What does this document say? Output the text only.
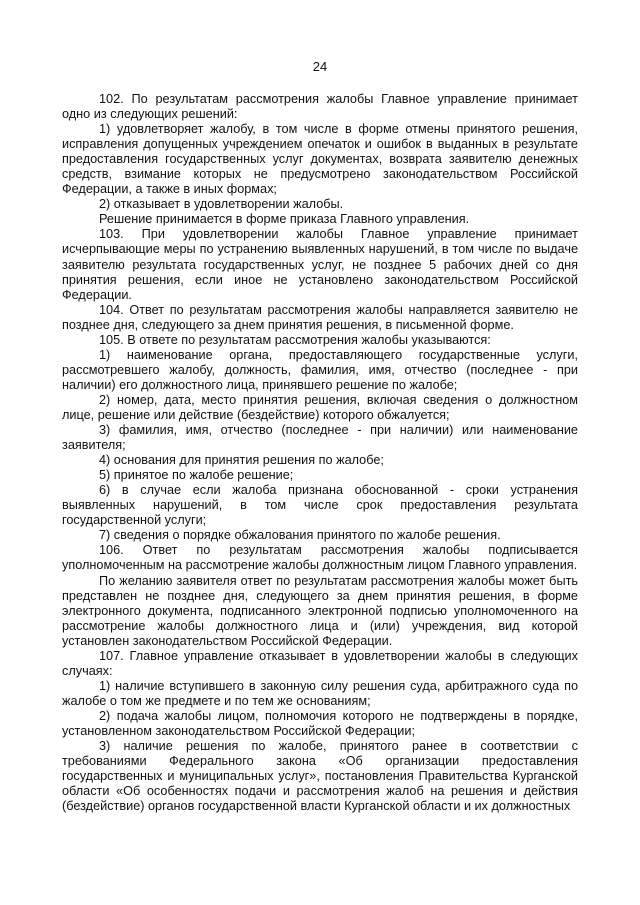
24

102. По результатам рассмотрения жалобы Главное управление принимает одно из следующих решений:

1) удовлетворяет жалобу, в том числе в форме отмены принятого решения, исправления допущенных учреждением опечаток и ошибок в выданных в результате предоставления государственных услуг документах, возврата заявителю денежных средств, взимание которых не предусмотрено законодательством Российской Федерации, а также в иных формах;

2) отказывает в удовлетворении жалобы.

Решение принимается в форме приказа Главного управления.

103. При удовлетворении жалобы Главное управление принимает исчерпывающие меры по устранению выявленных нарушений, в том числе по выдаче заявителю результата государственных услуг, не позднее 5 рабочих дней со дня принятия решения, если иное не установлено законодательством Российской Федерации.

104. Ответ по результатам рассмотрения жалобы направляется заявителю не позднее дня, следующего за днем принятия решения, в письменной форме.

105. В ответе по результатам рассмотрения жалобы указываются:

1) наименование органа, предоставляющего государственные услуги, рассмотревшего жалобу, должность, фамилия, имя, отчество (последнее - при наличии) его должностного лица, принявшего решение по жалобе;

2) номер, дата, место принятия решения, включая сведения о должностном лице, решение или действие (бездействие) которого обжалуется;

3) фамилия, имя, отчество (последнее - при наличии) или наименование заявителя;

4) основания для принятия решения по жалобе;

5) принятое по жалобе решение;

6) в случае если жалоба признана обоснованной - сроки устранения выявленных нарушений, в том числе срок предоставления результата государственной услуги;

7) сведения о порядке обжалования принятого по жалобе решения.

106. Ответ по результатам рассмотрения жалобы подписывается уполномоченным на рассмотрение жалобы должностным лицом Главного управления.

По желанию заявителя ответ по результатам рассмотрения жалобы может быть представлен не позднее дня, следующего за днем принятия решения, в форме электронного документа, подписанного электронной подписью уполномоченного на рассмотрение жалобы должностного лица и (или) учреждения, вид которой установлен законодательством Российской Федерации.

107. Главное управление отказывает в удовлетворении жалобы в следующих случаях:

1) наличие вступившего в законную силу решения суда, арбитражного суда по жалобе о том же предмете и по тем же основаниям;

2) подача жалобы лицом, полномочия которого не подтверждены в порядке, установленном законодательством Российской Федерации;

3) наличие решения по жалобе, принятого ранее в соответствии с требованиями Федерального закона «Об организации предоставления государственных и муниципальных услуг», постановления Правительства Курганской области «Об особенностях подачи и рассмотрения жалоб на решения и действия (бездействие) органов государственной власти Курганской области и их должностных
